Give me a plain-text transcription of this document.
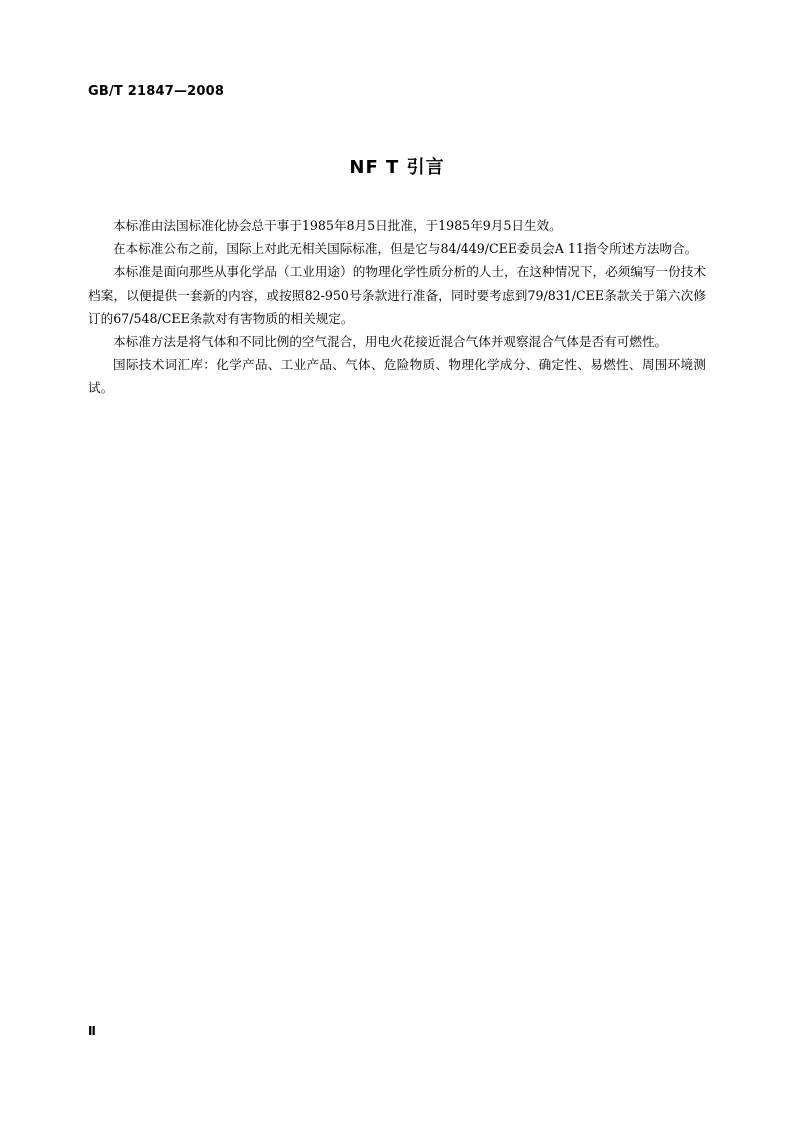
GB/T 21847—2008
NF T 引言

本标准由法国标准化协会总干事于1985年8月5日批准，于1985年9月5日生效。

在本标准公布之前，国际上对此无相关国际标准，但是它与84/449/CEE委员会A 11指令所述方法吻合。

本标准是面向那些从事化学品（工业用途）的物理化学性质分析的人士，在这种情况下，必须编写一份技术档案，以便提供一套新的内容，或按照82-950号条款进行准备，同时要考虑到79/831/CEE条款关于第六次修订的67/548/CEE条款对有害物质的相关规定。

本标准方法是将气体和不同比例的空气混合，用电火花接近混合气体并观察混合气体是否有可燃性。

国际技术词汇库：化学产品、工业产品、气体、危险物质、物理化学成分、确定性、易燃性、周围环境测试。

Ⅱ
